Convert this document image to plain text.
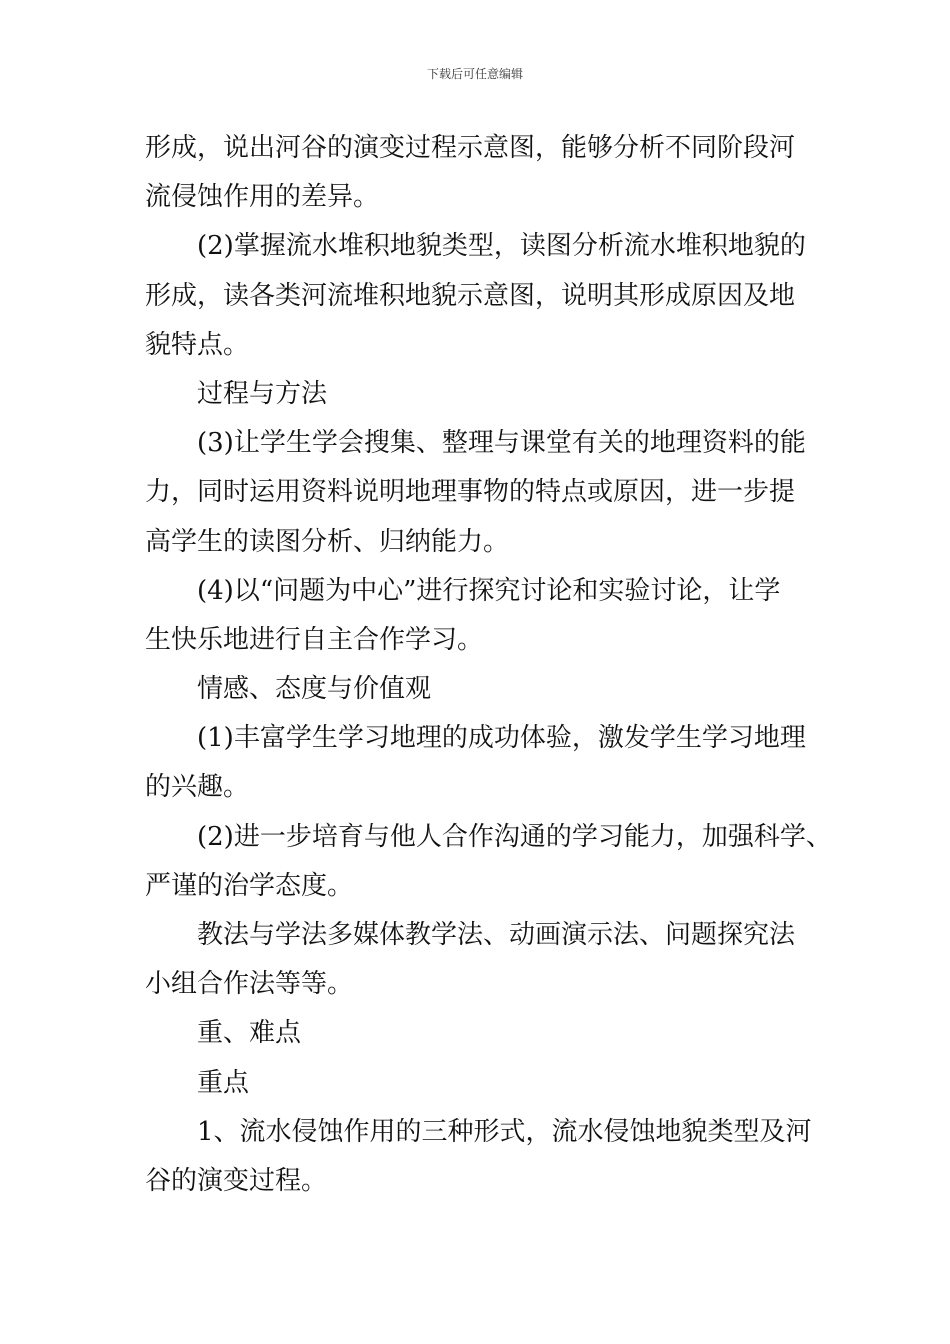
下载后可任意编辑
形成，说出河谷的演变过程示意图，能够分析不同阶段河
流侵蚀作用的差异。
(2)掌握流水堆积地貌类型，读图分析流水堆积地貌的
形成，读各类河流堆积地貌示意图，说明其形成原因及地
貌特点。
过程与方法
(3)让学生学会搜集、整理与课堂有关的地理资料的能
力，同时运用资料说明地理事物的特点或原因，进一步提
高学生的读图分析、归纳能力。
(4)以“问题为中心”进行探究讨论和实验讨论，让学
生快乐地进行自主合作学习。
情感、态度与价值观
(1)丰富学生学习地理的成功体验，激发学生学习地理
的兴趣。
(2)进一步培育与他人合作沟通的学习能力，加强科学、
严谨的治学态度。
教法与学法多媒体教学法、动画演示法、问题探究法
小组合作法等等。
重、难点
重点
1、流水侵蚀作用的三种形式，流水侵蚀地貌类型及河
谷的演变过程。
